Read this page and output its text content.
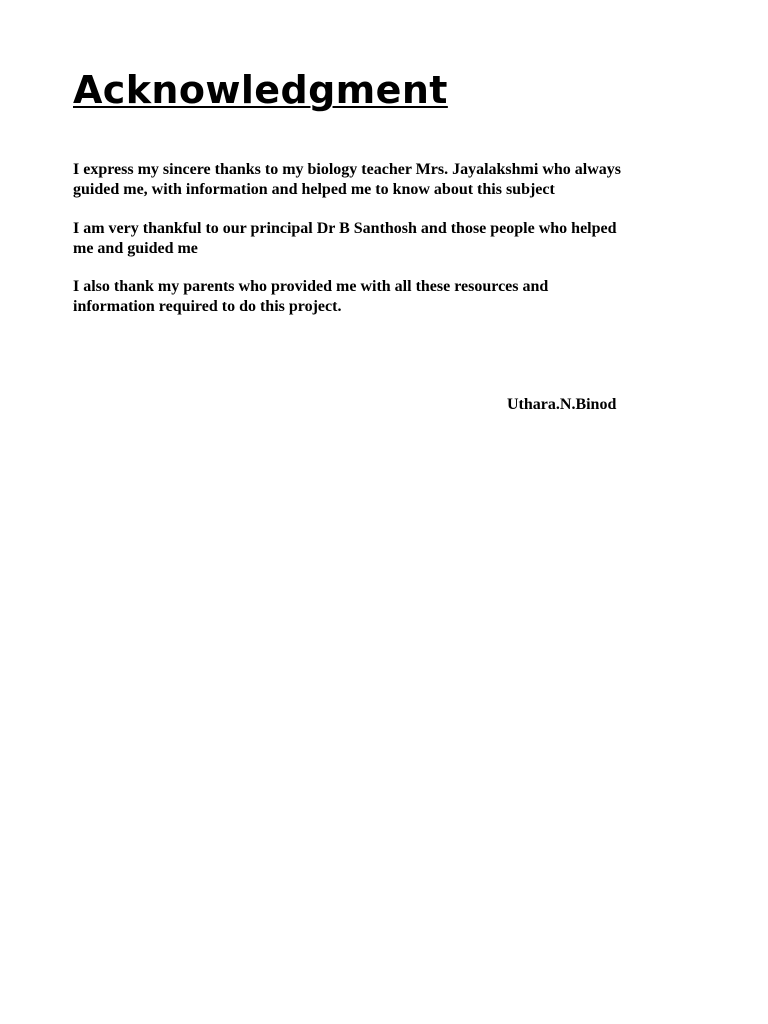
Acknowledgment

I express my sincere thanks to my biology teacher Mrs. Jayalakshmi who always
guided me, with information and helped me to know about this subject

I am very thankful to our principal Dr B Santhosh and those people who helped
me and guided me

I also thank my parents who provided me with all these resources and
information required to do this project.

Uthara.N.Binod
